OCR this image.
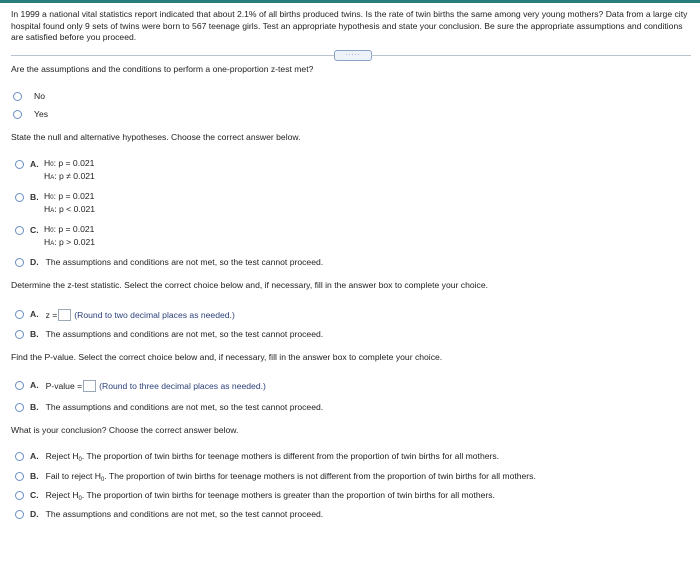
In 1999 a national vital statistics report indicated that about 2.1% of all births produced twins. Is the rate of twin births the same among very young mothers? Data from a large city hospital found only 9 sets of twins were born to 567 teenage girls. Test an appropriate hypothesis and state your conclusion. Be sure the appropriate assumptions and conditions are satisfied before you proceed.
·····
Are the assumptions and the conditions to perform a one-proportion z-test met?
No
Yes
State the null and alternative hypotheses. Choose the correct answer below.
A. H0: p = 0.021
HA: p ≠ 0.021
B. H0: p = 0.021
HA: p < 0.021
C. H0: p = 0.021
HA: p > 0.021
D. The assumptions and conditions are not met, so the test cannot proceed.
Determine the z-test statistic. Select the correct choice below and, if necessary, fill in the answer box to complete your choice.
A. z = (Round to two decimal places as needed.)
B. The assumptions and conditions are not met, so the test cannot proceed.
Find the P-value. Select the correct choice below and, if necessary, fill in the answer box to complete your choice.
A. P-value = (Round to three decimal places as needed.)
B. The assumptions and conditions are not met, so the test cannot proceed.
What is your conclusion? Choose the correct answer below.
A. Reject $H_0$. The proportion of twin births for teenage mothers is different from the proportion of twin births for all mothers.
B. Fail to reject $H_0$. The proportion of twin births for teenage mothers is not different from the proportion of twin births for all mothers.
C. Reject $H_0$. The proportion of twin births for teenage mothers is greater than the proportion of twin births for all mothers.
D. The assumptions and conditions are not met, so the test cannot proceed.
